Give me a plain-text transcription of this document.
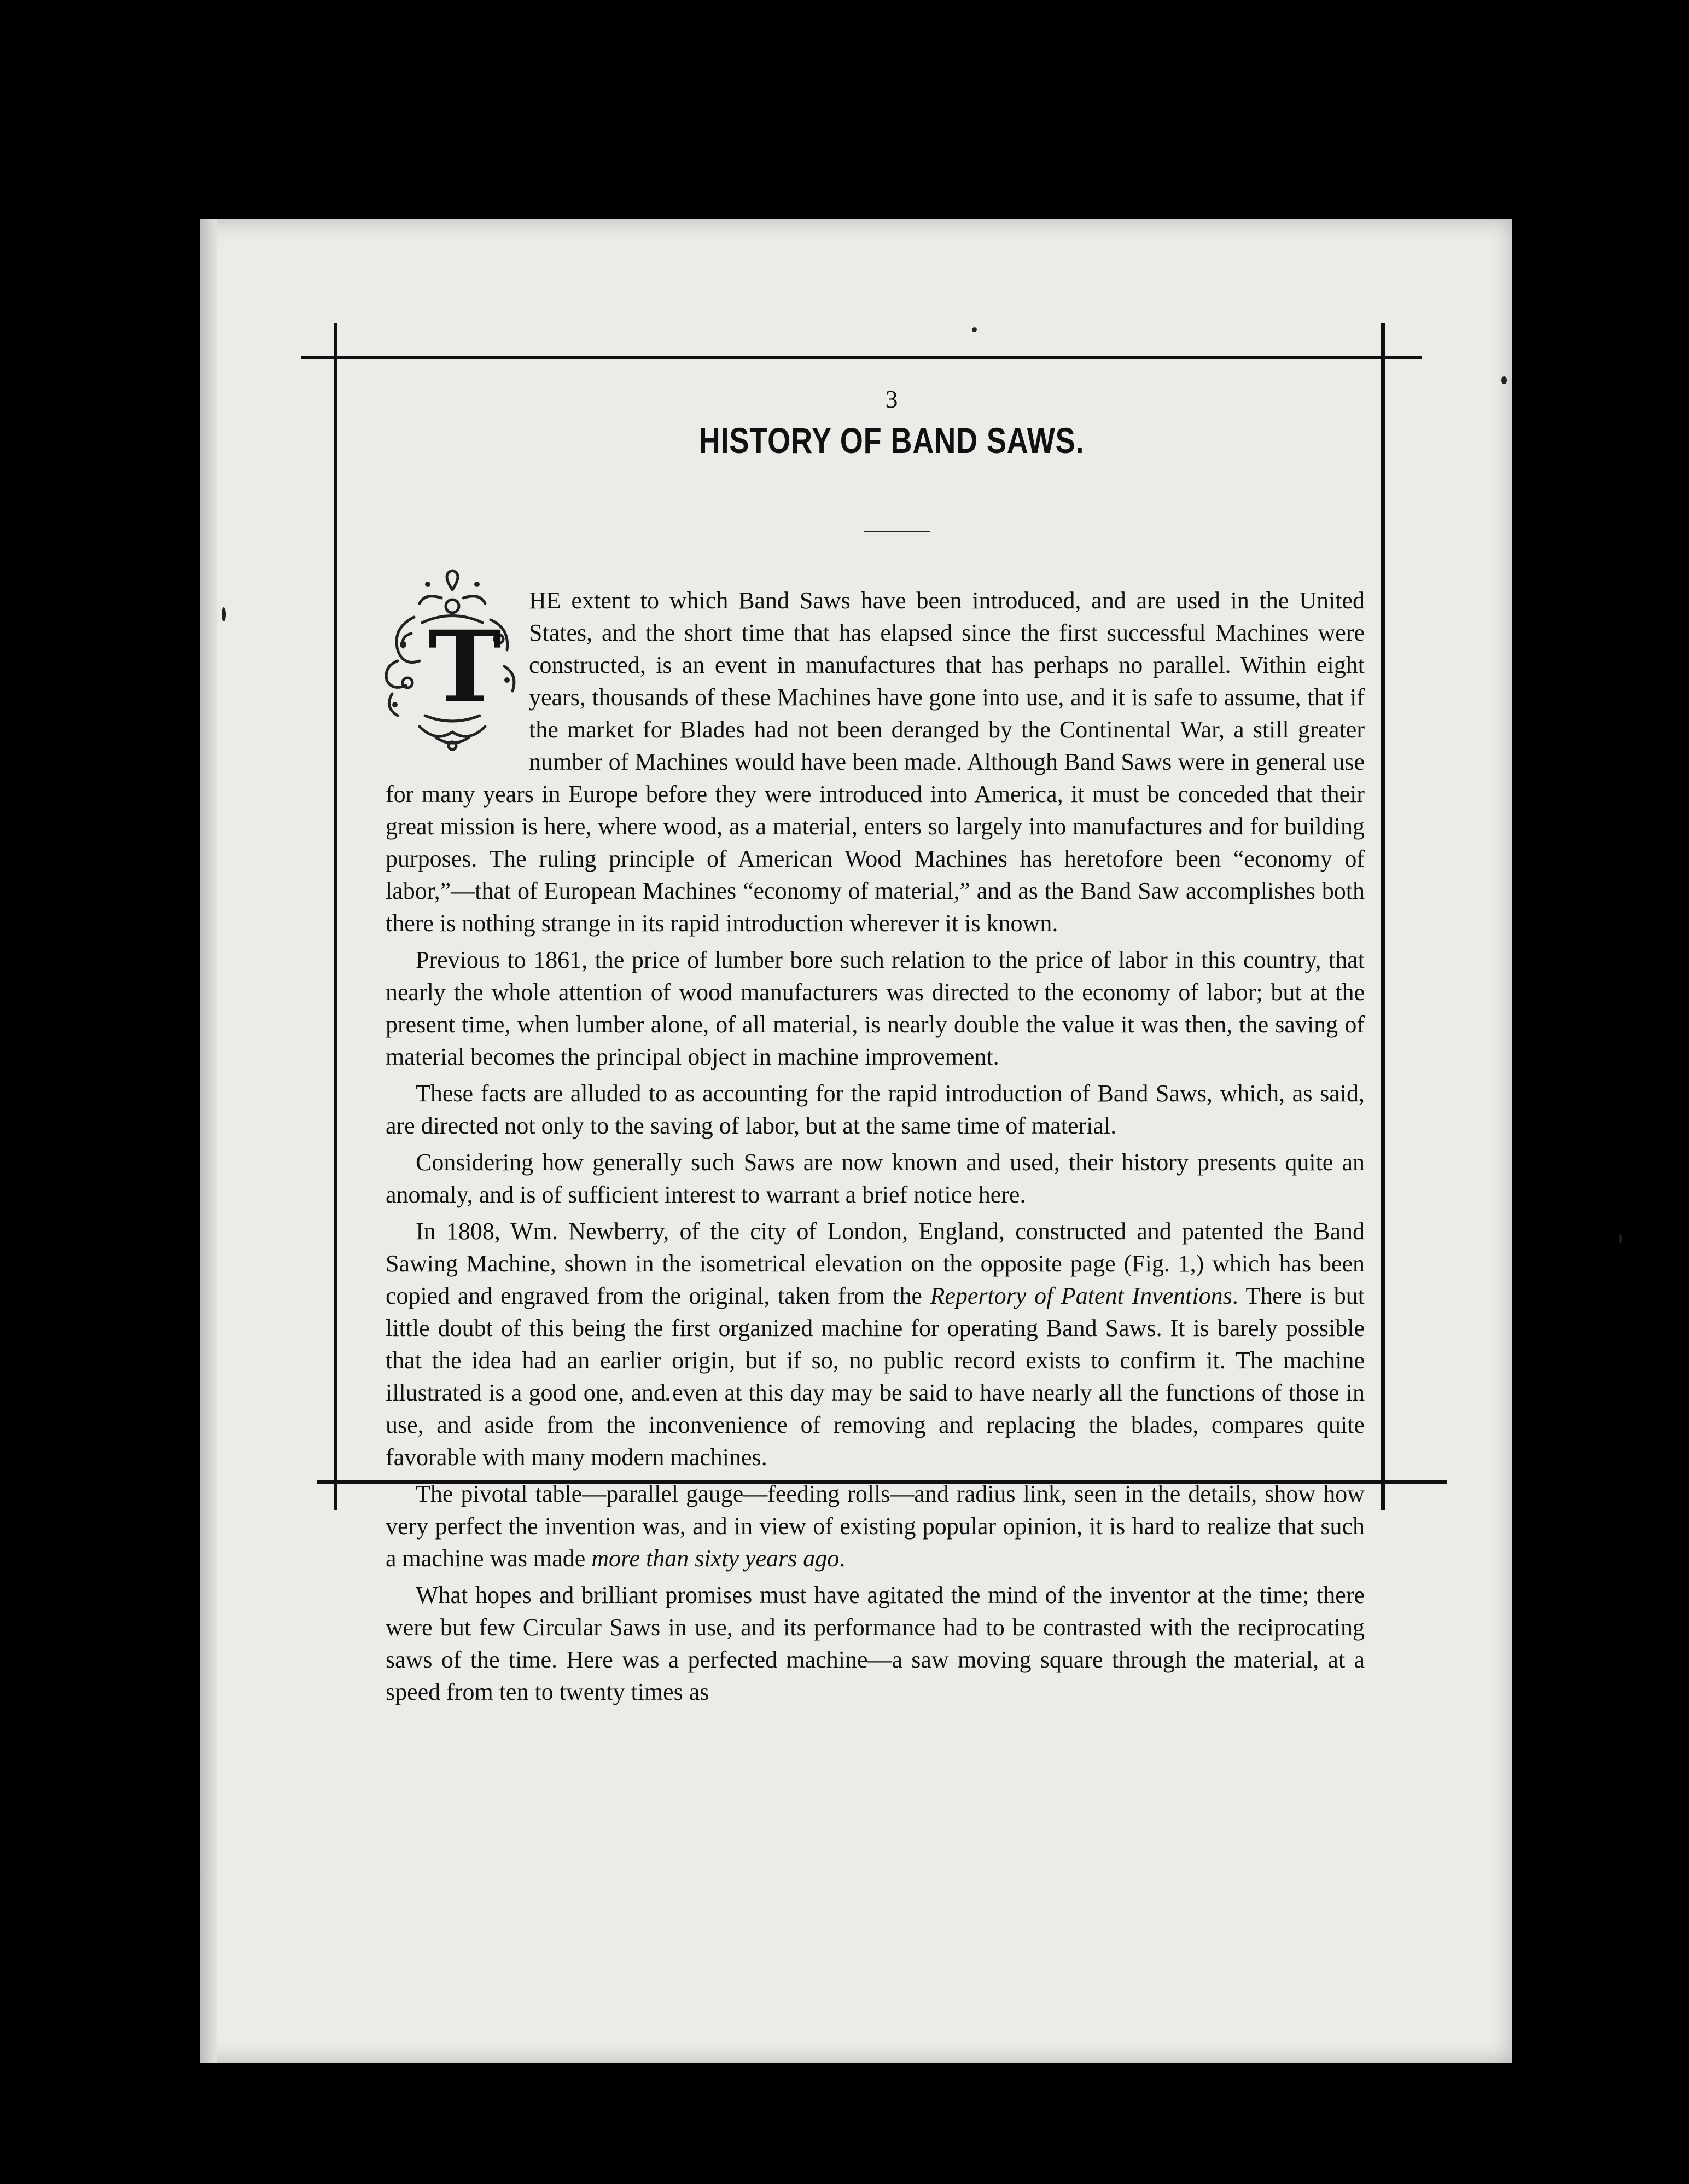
3
HISTORY OF BAND SAWS.

T
HE extent to which Band Saws have been introduced, and are used in the United States, and the short time that has elapsed since the first successful Machines were constructed, is an event in manufactures that has perhaps no parallel. Within eight years, thousands of these Machines have gone into use, and it is safe to assume, that if the market for Blades had not been deranged by the Continental War, a still greater number of Machines would have been made. Although Band Saws were in general use for many years in Europe before they were introduced into America, it must be conceded that their great mission is here, where wood, as a material, enters so largely into manufactures and for building purposes. The ruling principle of American Wood Machines has heretofore been “economy of labor,”—that of European Machines “economy of material,” and as the Band Saw accomplishes both there is nothing strange in its rapid introduction wherever it is known.

Previous to 1861, the price of lumber bore such relation to the price of labor in this country, that nearly the whole attention of wood manufacturers was directed to the economy of labor; but at the present time, when lumber alone, of all material, is nearly double the value it was then, the saving of material becomes the principal object in machine improvement.

These facts are alluded to as accounting for the rapid introduction of Band Saws, which, as said, are directed not only to the saving of labor, but at the same time of material.

Considering how generally such Saws are now known and used, their history presents quite an anomaly, and is of sufficient interest to warrant a brief notice here.

In 1808, Wm. Newberry, of the city of London, England, constructed and patented the Band Sawing Machine, shown in the isometrical elevation on the opposite page (Fig. 1,) which has been copied and engraved from the original, taken from the Repertory of Patent Inventions. There is but little doubt of this being the first organized machine for operating Band Saws. It is barely possible that the idea had an earlier origin, but if so, no public record exists to confirm it. The machine illustrated is a good one, and even at this day may be said to have nearly all the functions of those in use, and aside from the inconvenience of removing and replacing the blades, compares quite favorable with many modern machines.

The pivotal table—parallel gauge—feeding rolls—and radius link, seen in the details, show how very perfect the invention was, and in view of existing popular opinion, it is hard to realize that such a machine was made more than sixty years ago.

What hopes and brilliant promises must have agitated the mind of the inventor at the time; there were but few Circular Saws in use, and its performance had to be contrasted with the reciprocating saws of the time. Here was a perfected machine—a saw moving square through the material, at a speed from ten to twenty times as
